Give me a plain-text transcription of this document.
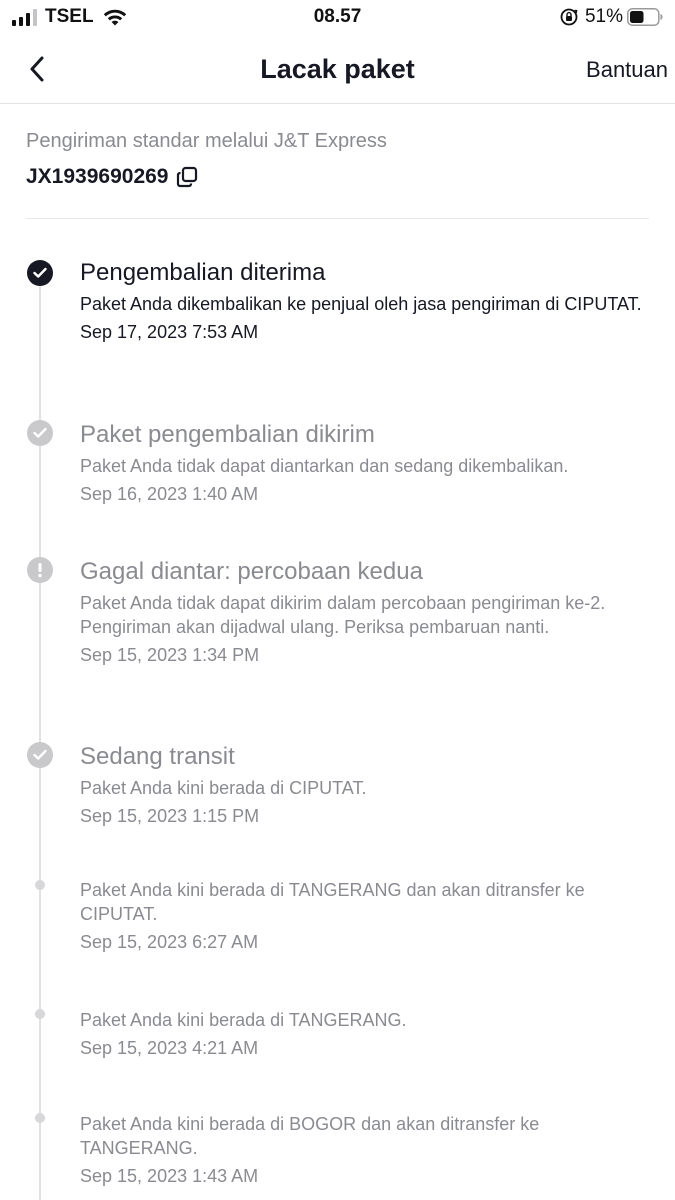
TSEL	08.57	51%
Lacak paket	Bantuan
Pengiriman standar melalui J&T Express
JX1939690269
Pengembalian diterima
Paket Anda dikembalikan ke penjual oleh jasa pengiriman di CIPUTAT.
Sep 17, 2023 7:53 AM
Paket pengembalian dikirim
Paket Anda tidak dapat diantarkan dan sedang dikembalikan.
Sep 16, 2023 1:40 AM
Gagal diantar: percobaan kedua
Paket Anda tidak dapat dikirim dalam percobaan pengiriman ke-2. Pengiriman akan dijadwal ulang. Periksa pembaruan nanti.
Sep 15, 2023 1:34 PM
Sedang transit
Paket Anda kini berada di CIPUTAT.
Sep 15, 2023 1:15 PM
Paket Anda kini berada di TANGERANG dan akan ditransfer ke CIPUTAT.
Sep 15, 2023 6:27 AM
Paket Anda kini berada di TANGERANG.
Sep 15, 2023 4:21 AM
Paket Anda kini berada di BOGOR dan akan ditransfer ke TANGERANG.
Sep 15, 2023 1:43 AM
